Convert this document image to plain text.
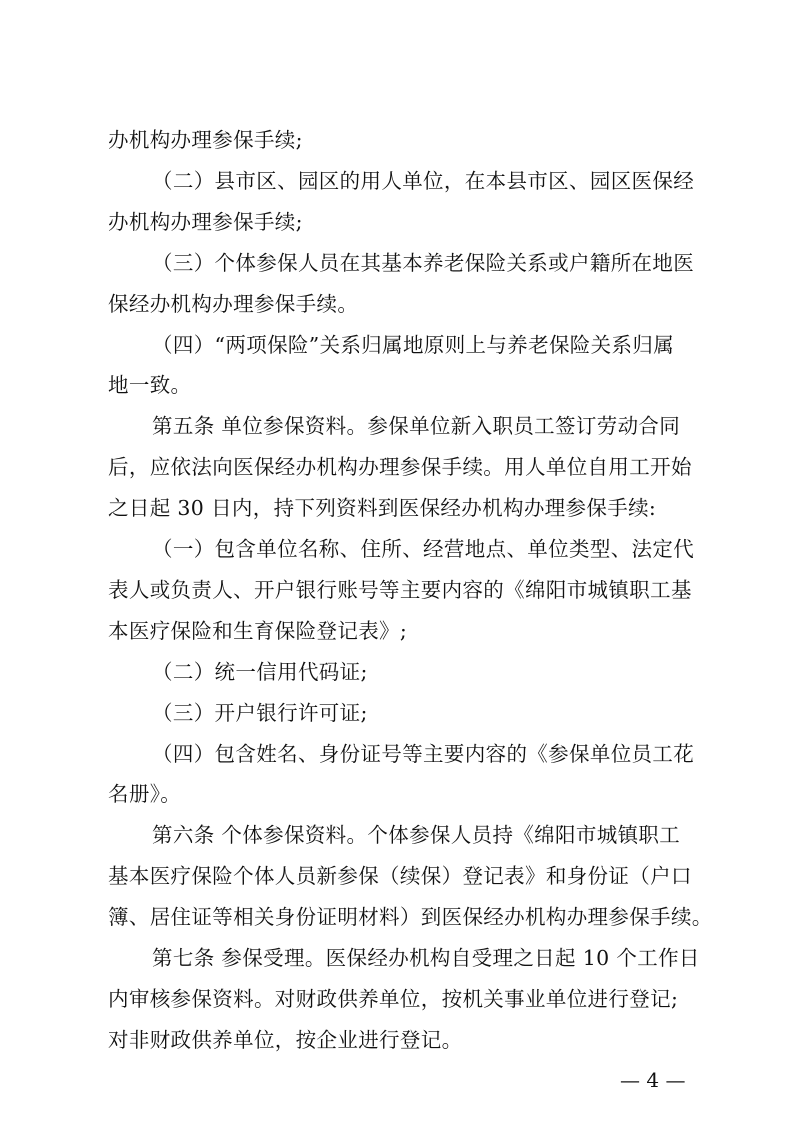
办机构办理参保手续;
（二）县市区、园区的用人单位，在本县市区、园区医保经
办机构办理参保手续;
（三）个体参保人员在其基本养老保险关系或户籍所在地医
保经办机构办理参保手续。
（四）“两项保险”关系归属地原则上与养老保险关系归属
地一致。
第五条 单位参保资料。参保单位新入职员工签订劳动合同
后，应依法向医保经办机构办理参保手续。用人单位自用工开始
之日起 30 日内，持下列资料到医保经办机构办理参保手续:
（一）包含单位名称、住所、经营地点、单位类型、法定代
表人或负责人、开户银行账号等主要内容的《绵阳市城镇职工基
本医疗保险和生育保险登记表》;
（二）统一信用代码证;
（三）开户银行许可证;
（四）包含姓名、身份证号等主要内容的《参保单位员工花
名册》。
第六条 个体参保资料。个体参保人员持《绵阳市城镇职工
基本医疗保险个体人员新参保（续保）登记表》和身份证（户口
簿、居住证等相关身份证明材料）到医保经办机构办理参保手续。
第七条 参保受理。医保经办机构自受理之日起 10 个工作日
内审核参保资料。对财政供养单位，按机关事业单位进行登记;
对非财政供养单位，按企业进行登记。
— 4 —
